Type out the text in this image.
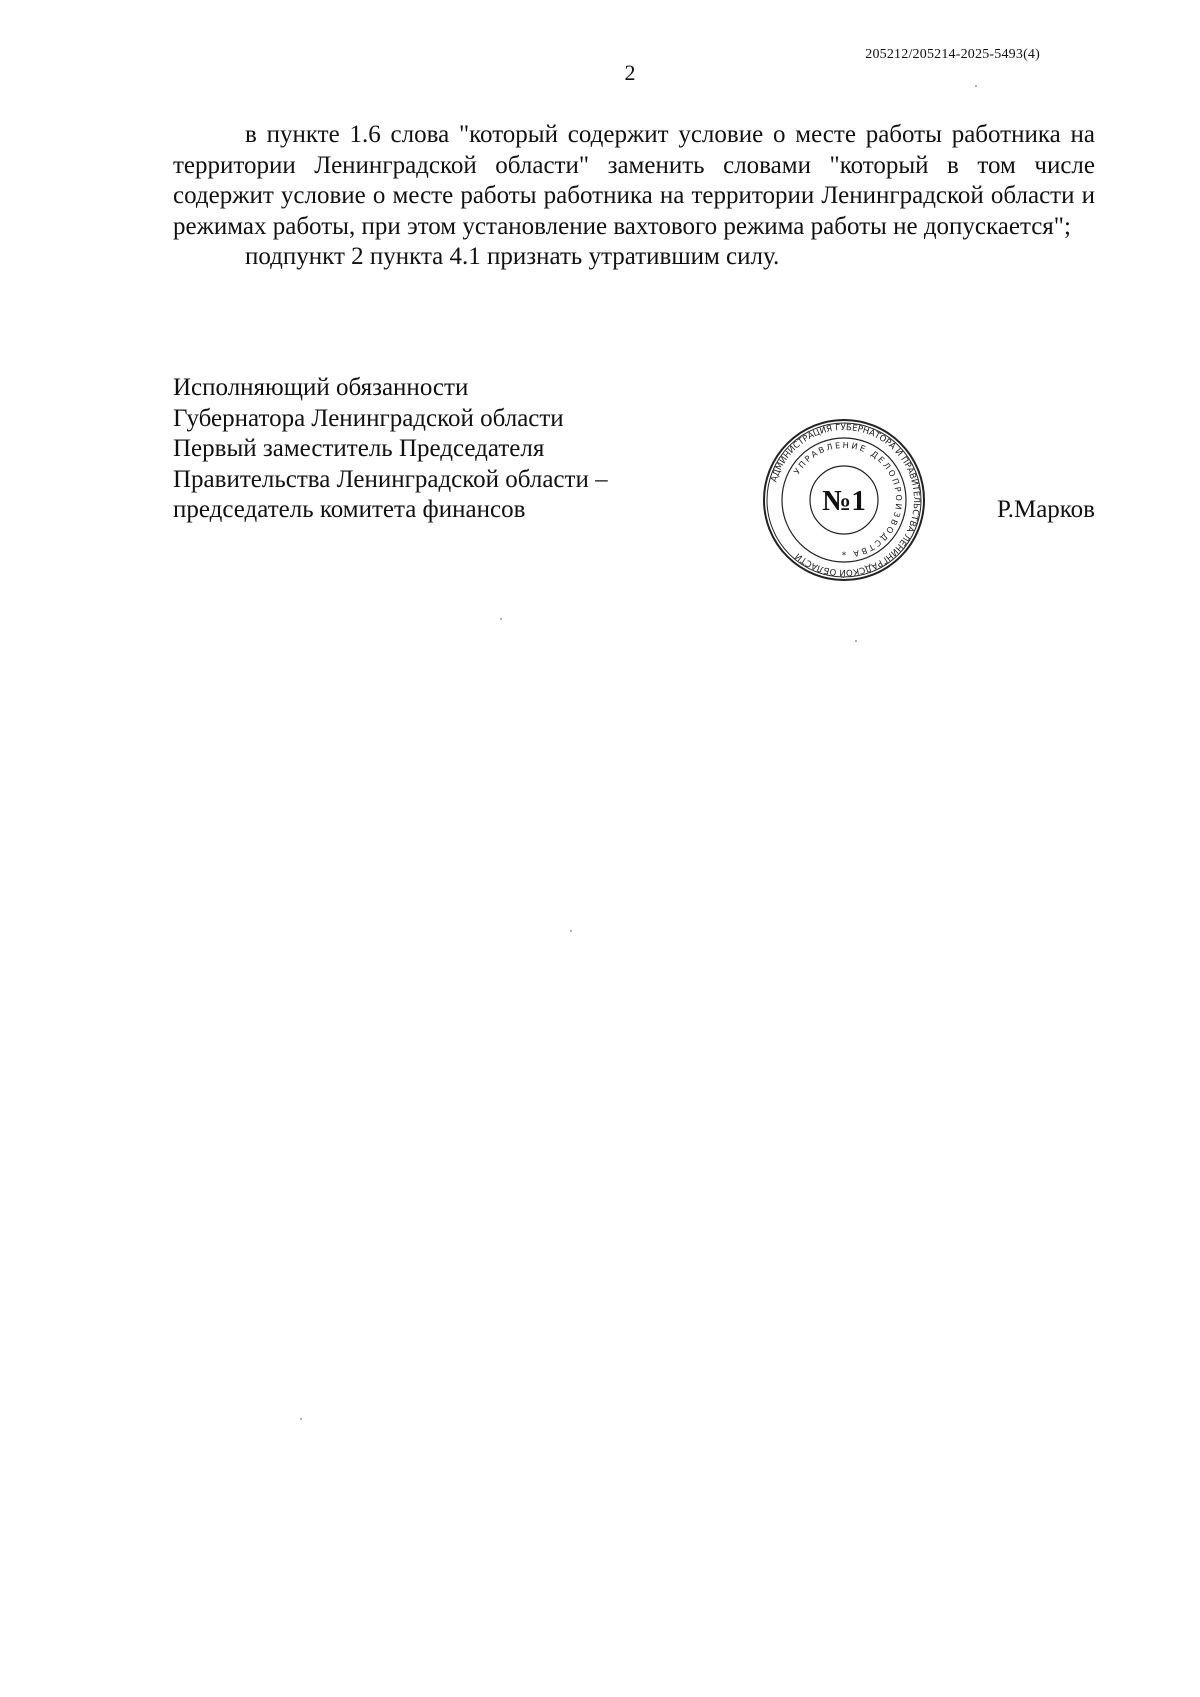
205212/205214-2025-5493(4)
2

в пункте 1.6 слова "который содержит условие о месте работы работника на территории Ленинградской области" заменить словами "который в том числе содержит условие о месте работы работника на территории Ленинградской области и режимах работы, при этом установление вахтового режима работы не допускается";

подпункт 2 пункта 4.1 признать утратившим силу.

Исполняющий обязанности
Губернатора Ленинградской области
Первый заместитель Председателя
Правительства Ленинградской области –
председатель комитета финансов	Р.Марков
АДМИНИСТРАЦИЯ ГУБЕРНАТОРА И ПРАВИТЕЛЬСТВА ЛЕНИНГРАДСКОЙ ОБЛАСТИ
УПРАВЛЕНИЕ ДЕЛОПРОИЗВОДСТВА
№1
*
